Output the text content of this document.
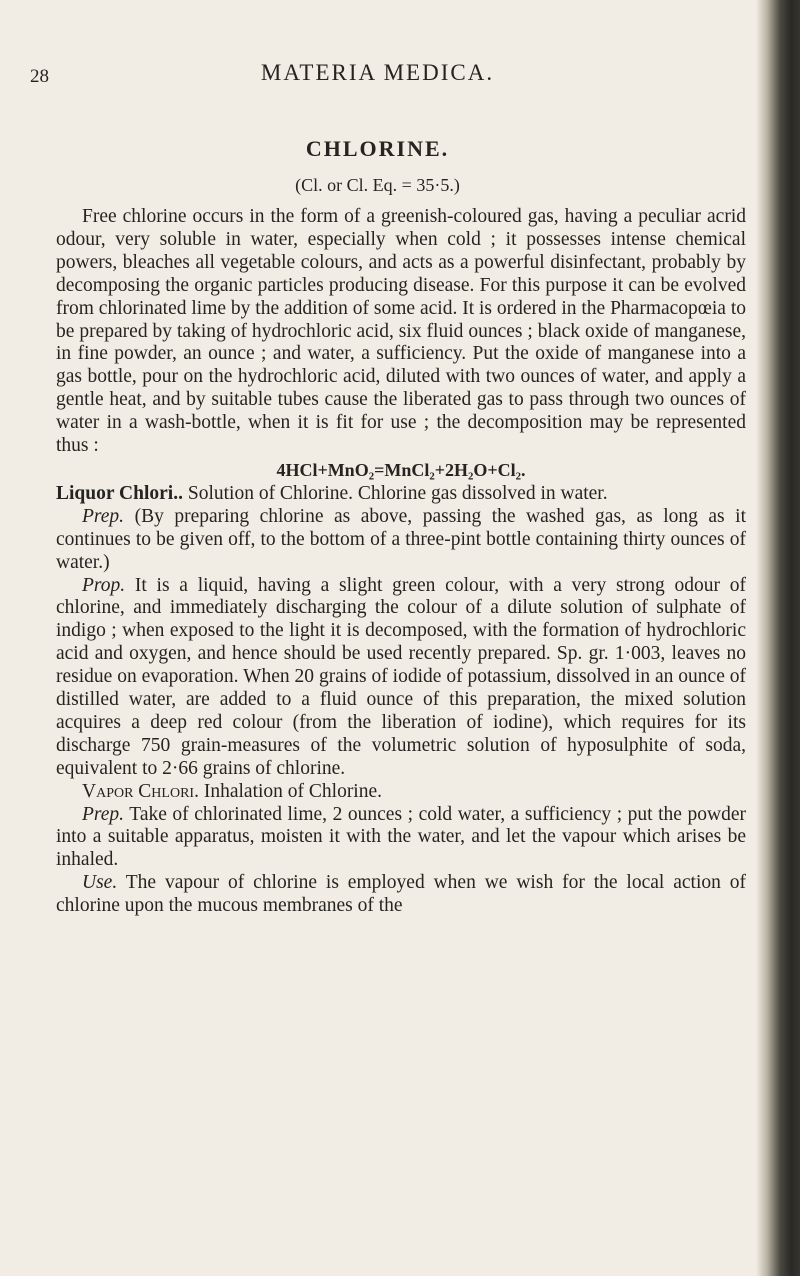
28	MATERIA MEDICA.
CHLORINE.
(Cl. or Cl. Eq. = 35·5.)

Free chlorine occurs in the form of a greenish-coloured gas, having a peculiar acrid odour, very soluble in water, especially when cold ; it possesses intense chemical powers, bleaches all vegetable colours, and acts as a powerful disinfectant, probably by decomposing the organic particles producing disease. For this purpose it can be evolved from chlorinated lime by the addition of some acid. It is ordered in the Pharmacopœia to be prepared by taking of hydrochloric acid, six fluid ounces ; black oxide of manganese, in fine powder, an ounce ; and water, a sufficiency. Put the oxide of manganese into a gas bottle, pour on the hydrochloric acid, diluted with two ounces of water, and apply a gentle heat, and by suitable tubes cause the liberated gas to pass through two ounces of water in a wash-bottle, when it is fit for use ; the decomposition may be represented thus :

4HCl+MnO₂=MnCl₂+2H₂O+Cl₂.

Liquor Chlori.. Solution of Chlorine. Chlorine gas dissolved in water.

Prep. (By preparing chlorine as above, passing the washed gas, as long as it continues to be given off, to the bottom of a three-pint bottle containing thirty ounces of water.)

Prop. It is a liquid, having a slight green colour, with a very strong odour of chlorine, and immediately discharging the colour of a dilute solution of sulphate of indigo ; when exposed to the light it is decomposed, with the formation of hydrochloric acid and oxygen, and hence should be used recently prepared. Sp. gr. 1·003, leaves no residue on evaporation. When 20 grains of iodide of potassium, dissolved in an ounce of distilled water, are added to a fluid ounce of this preparation, the mixed solution acquires a deep red colour (from the liberation of iodine), which requires for its discharge 750 grain-measures of the volumetric solution of hyposulphite of soda, equivalent to 2·66 grains of chlorine.

Vapor Chlori. Inhalation of Chlorine.

Prep. Take of chlorinated lime, 2 ounces ; cold water, a sufficiency ; put the powder into a suitable apparatus, moisten it with the water, and let the vapour which arises be inhaled.

Use. The vapour of chlorine is employed when we wish for the local action of chlorine upon the mucous membranes of the
